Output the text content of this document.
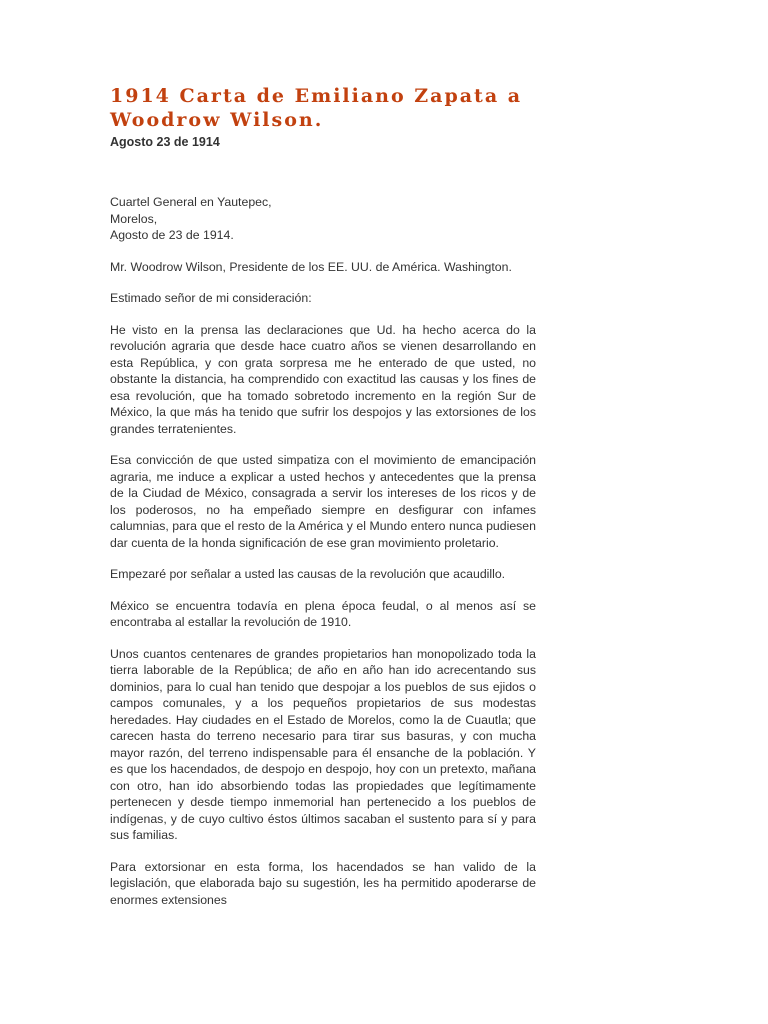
1914 Carta de Emiliano Zapata a Woodrow Wilson.
Agosto 23 de 1914

Cuartel General en Yautepec,
Morelos,
Agosto de 23 de 1914.

Mr. Woodrow Wilson, Presidente de los EE. UU. de América. Washington.

Estimado señor de mi consideración:

He visto en la prensa las declaraciones que Ud. ha hecho acerca do la revolución agraria que desde hace cuatro años se vienen desarrollando en esta República, y con grata sorpresa me he enterado de que usted, no obstante la distancia, ha comprendido con exactitud las causas y los fines de esa revolución, que ha tomado sobretodo incremento en la región Sur de México, la que más ha tenido que sufrir los despojos y las extorsiones de los grandes terratenientes.

Esa convicción de que usted simpatiza con el movimiento de emancipación agraria, me induce a explicar a usted hechos y antecedentes que la prensa de la Ciudad de México, consagrada a servir los intereses de los ricos y de los poderosos, no ha empeñado siempre en desfigurar con infames calumnias, para que el resto de la América y el Mundo entero nunca pudiesen dar cuenta de la honda significación de ese gran movimiento proletario.

Empezaré por señalar a usted las causas de la revolución que acaudillo.

México se encuentra todavía en plena época feudal, o al menos así se encontraba al estallar la revolución de 1910.

Unos cuantos centenares de grandes propietarios han monopolizado toda la tierra laborable de la República; de año en año han ido acrecentando sus dominios, para lo cual han tenido que despojar a los pueblos de sus ejidos o campos comunales, y a los pequeños propietarios de sus modestas heredades. Hay ciudades en el Estado de Morelos, como la de Cuautla; que carecen hasta do terreno necesario para tirar sus basuras, y con mucha mayor razón, del terreno indispensable para él ensanche de la población. Y es que los hacendados, de despojo en despojo, hoy con un pretexto, mañana con otro, han ido absorbiendo todas las propiedades que legítimamente pertenecen y desde tiempo inmemorial han pertenecido a los pueblos de indígenas, y de cuyo cultivo éstos últimos sacaban el sustento para sí y para sus familias.

Para extorsionar en esta forma, los hacendados se han valido de la legislación, que elaborada bajo su sugestión, les ha permitido apoderarse de enormes extensiones
